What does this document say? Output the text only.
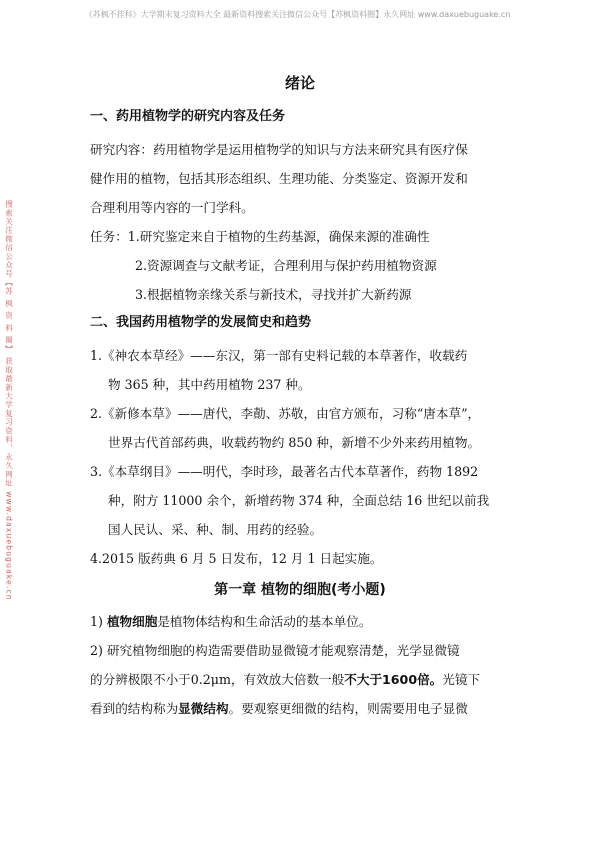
《苏枫不挂科》大学期末复习资料大全 最新资料搜索关注微信公众号【苏枫资料圈】永久网址 www.daxuebuguake.cn
搜索关注微信公众号【苏 枫 资 料 圈】 获取最新大学复习资料，永久网址 www.daxuebuguake.cn
绪论
一、药用植物学的研究内容及任务

研究内容：药用植物学是运用植物学的知识与方法来研究具有医疗保

健作用的植物，包括其形态组织、生理功能、分类鉴定、资源开发和

合理利用等内容的一门学科。

任务：1.研究鉴定来自于植物的生药基源，确保来源的准确性

2.资源调查与文献考证，合理利用与保护药用植物资源

3.根据植物亲缘关系与新技术，寻找并扩大新药源

二、我国药用植物学的发展简史和趋势

1.《神农本草经》——东汉，第一部有史料记载的本草著作，收载药

物 365 种，其中药用植物 237 种。

2.《新修本草》——唐代，李勣、苏敬，由官方颁布，习称“唐本草”，

世界古代首部药典，收载药物约 850 种，新增不少外来药用植物。

3.《本草纲目》——明代，李时珍，最著名古代本草著作，药物 1892

种，附方 11000 余个，新增药物 374 种，全面总结 16 世纪以前我

国人民认、采、种、制、用药的经验。

4.2015 版药典 6 月 5 日发布，12 月 1 日起实施。

第一章 植物的细胞(考小题)

1) 植物细胞是植物体结构和生命活动的基本单位。

2) 研究植物细胞的构造需要借助显微镜才能观察清楚，光学显微镜

的分辨极限不小于0.2μm，有效放大倍数一般不大于1600倍。光镜下

看到的结构称为显微结构。要观察更细微的结构，则需要用电子显微
